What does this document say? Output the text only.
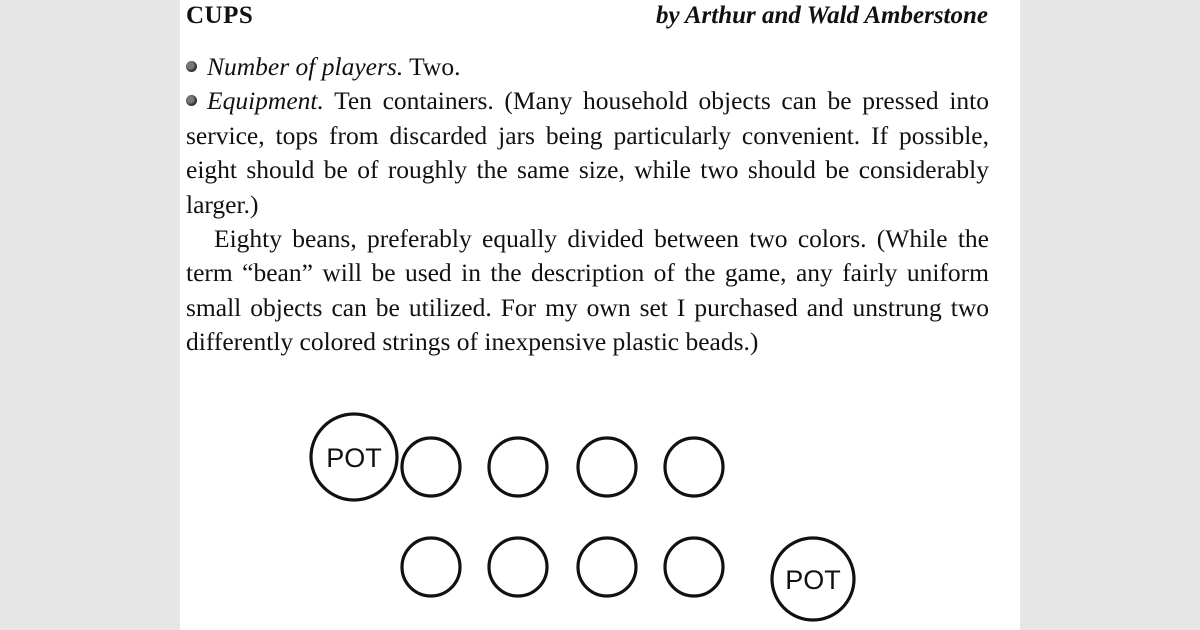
CUPS	by Arthur and Wald Amberstone

Number of players. Two.

Equipment. Ten containers. (Many household objects can be pressed into service, tops from discarded jars being particularly convenient. If possible, eight should be of roughly the same size, while two should be considerably larger.)

Eighty beans, preferably equally divided between two colors. (While the term “bean” will be used in the description of the game, any fairly uniform small objects can be utilized. For my own set I purchased and unstrung two differently colored strings of inexpensive plastic beads.)

POT
POT
